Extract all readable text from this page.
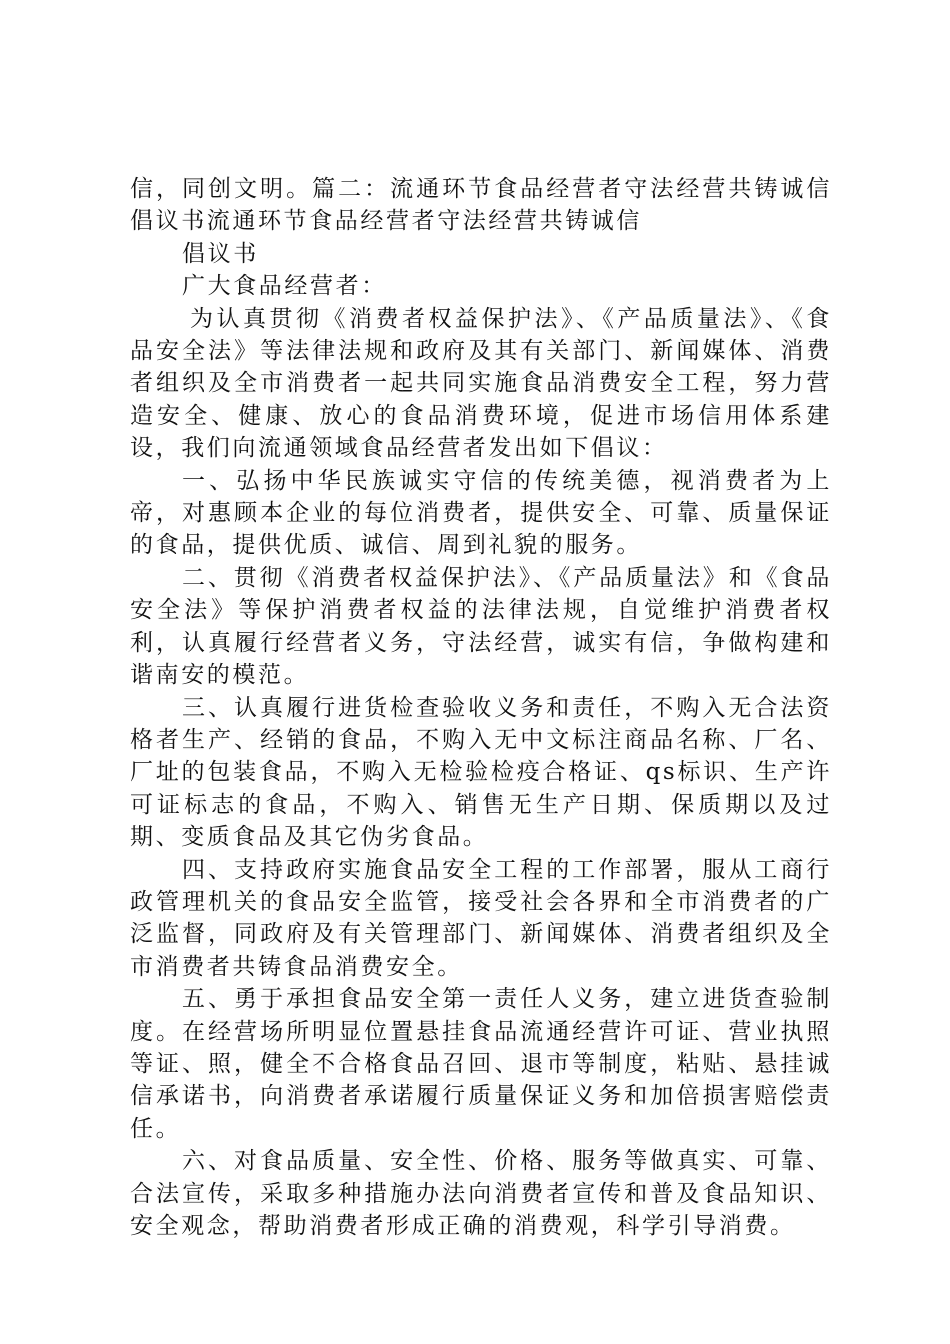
信，同创文明。篇二：流通环节食品经营者守法经营共铸诚信倡议书流通环节食品经营者守法经营共铸诚信

倡议书

广大食品经营者：

为认真贯彻《消费者权益保护法》、《产品质量法》、《食品安全法》等法律法规和政府及其有关部门、新闻媒体、消费者组织及全市消费者一起共同实施食品消费安全工程，努力营造安全、健康、放心的食品消费环境，促进市场信用体系建设，我们向流通领域食品经营者发出如下倡议：

一、弘扬中华民族诚实守信的传统美德，视消费者为上帝，对惠顾本企业的每位消费者，提供安全、可靠、质量保证的食品，提供优质、诚信、周到礼貌的服务。

二、贯彻《消费者权益保护法》、《产品质量法》和《食品安全法》等保护消费者权益的法律法规，自觉维护消费者权利，认真履行经营者义务，守法经营，诚实有信，争做构建和谐南安的模范。

三、认真履行进货检查验收义务和责任，不购入无合法资格者生产、经销的食品，不购入无中文标注商品名称、厂名、厂址的包装食品，不购入无检验检疫合格证、qs标识、生产许可证标志的食品，不购入、销售无生产日期、保质期以及过期、变质食品及其它伪劣食品。

四、支持政府实施食品安全工程的工作部署，服从工商行政管理机关的食品安全监管，接受社会各界和全市消费者的广泛监督，同政府及有关管理部门、新闻媒体、消费者组织及全市消费者共铸食品消费安全。

五、勇于承担食品安全第一责任人义务，建立进货查验制度。在经营场所明显位置悬挂食品流通经营许可证、营业执照等证、照，健全不合格食品召回、退市等制度，粘贴、悬挂诚信承诺书，向消费者承诺履行质量保证义务和加倍损害赔偿责任。

六、对食品质量、安全性、价格、服务等做真实、可靠、合法宣传，采取多种措施办法向消费者宣传和普及食品知识、安全观念，帮助消费者形成正确的消费观，科学引导消费。
